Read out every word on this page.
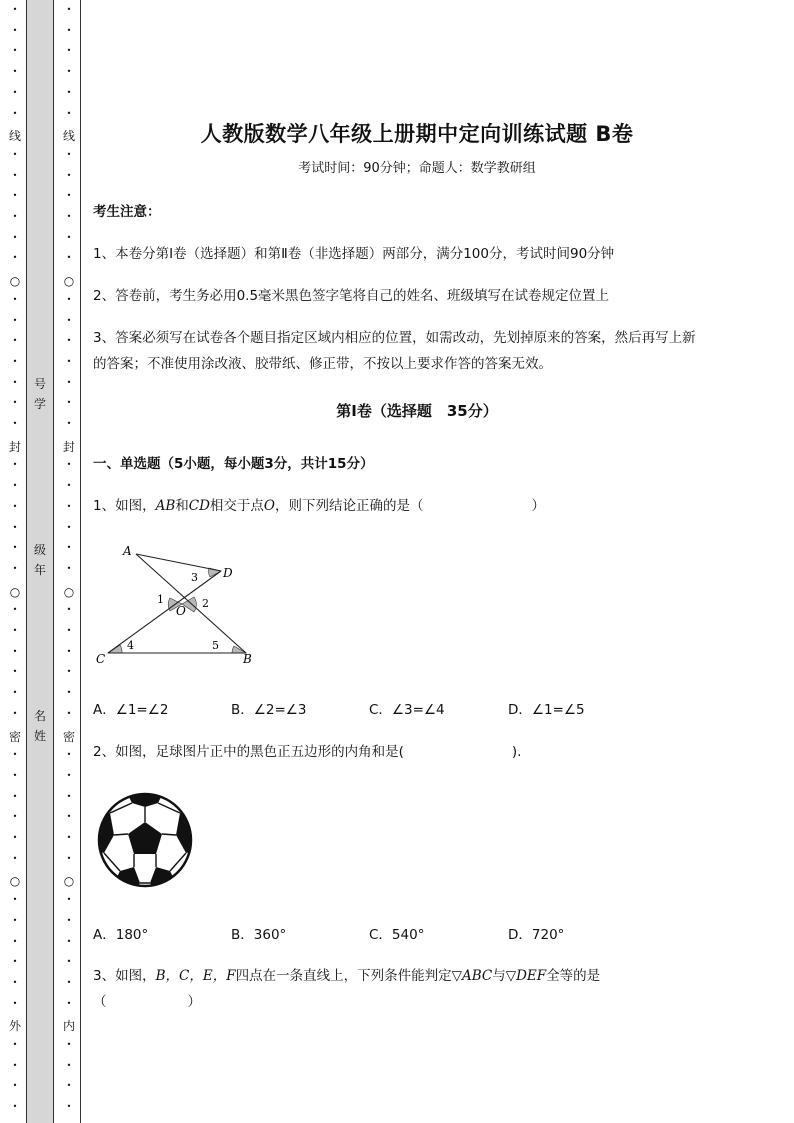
•
•
•
•
•
•
线
•
•
•
•
•
•
○
•
•
•
•
•
•
•
封
•
•
•
•
•
•
○
•
•
•
•
•
•
密
•
•
•
•
•
•
○
•
•
•
•
•
•
外
•
•
•
•
•
•
•
•
•
•
线
•
•
•
•
•
•
○
•
•
•
•
•
•
•
封
•
•
•
•
•
•
○
•
•
•
•
•
•
密
•
•
•
•
•
•
○
•
•
•
•
•
•
内
•
•
•
•
号
学
级
年
名
姓
人教版数学八年级上册期中定向训练试题 B卷
考试时间：90分钟；命题人：数学教研组
考生注意：
1、本卷分第I卷（选择题）和第Ⅱ卷（非选择题）两部分，满分100分，考试时间90分钟
2、答卷前，考生务必用0.5毫米黑色签字笔将自己的姓名、班级填写在试卷规定位置上
3、答案必须写在试卷各个题目指定区域内相应的位置，如需改动，先划掉原来的答案，然后再写上新
的答案；不准使用涂改液、胶带纸、修正带，不按以上要求作答的答案无效。
第I卷（选择题　35分）
一、单选题（5小题，每小题3分，共计15分）
1、如图，AB和CD相交于点O，则下列结论正确的是（　　　　　　　　）
A
D
O
C	B
1	2
3
4	5
A．∠1=∠2	B．∠2=∠3	C．∠3=∠4	D．∠1=∠5
2、如图，足球图片正中的黑色正五边形的内角和是(　　　　　　　　).
A．180°	B．360°	C．540°	D．720°
3、如图，B，C，E，F四点在一条直线上，下列条件能判定▽ABC与▽DEF全等的是
（　　　　　　）
